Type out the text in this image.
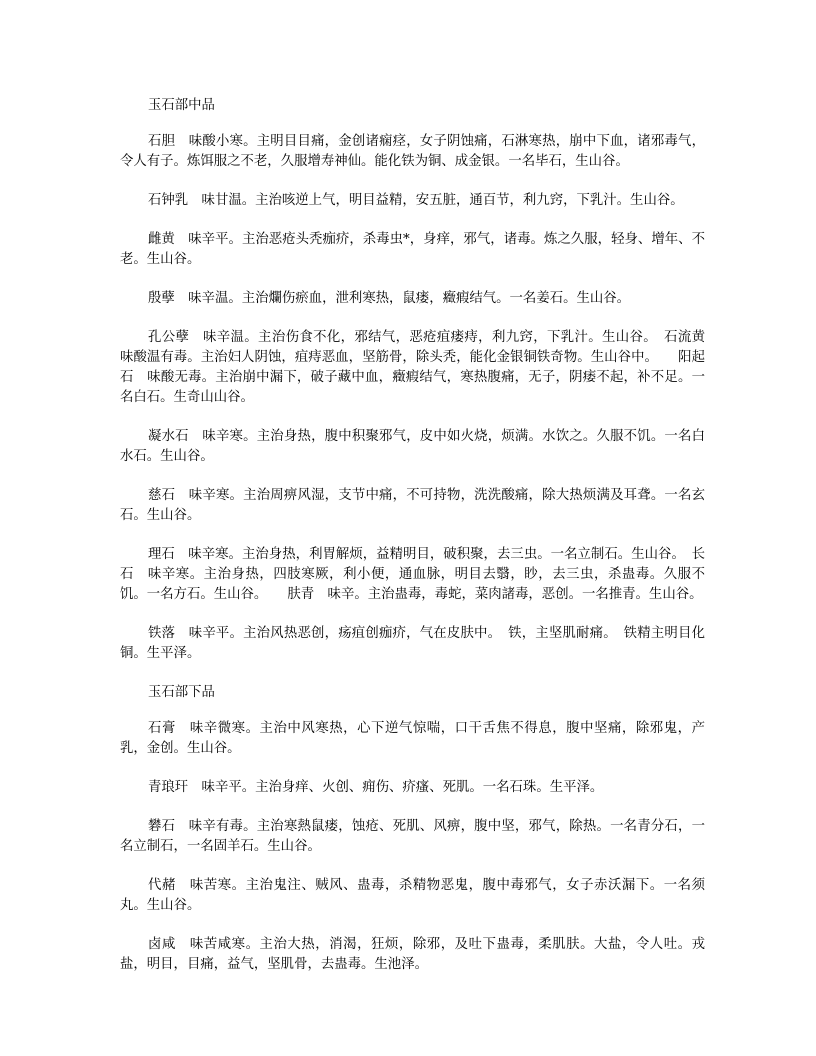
玉石部中品

石胆　味酸小寒。主明目目痛，金创诸痫痉，女子阴蚀痛，石淋寒热，崩中下血，诸邪毒气，令人有子。炼饵服之不老，久服增寿神仙。能化铁为铜、成金银。一名毕石，生山谷。

石钟乳　味甘温。主治咳逆上气，明目益精，安五脏，通百节，利九窍，下乳汁。生山谷。

雌黄　味辛平。主治恶疮头秃痂疥，杀毒虫*，身痒，邪气，诸毒。炼之久服，轻身、增年、不老。生山谷。

殷孽　味辛温。主治爛伤瘀血，泄利寒热，鼠瘘，癥瘕结气。一名姜石。生山谷。

孔公孽　味辛温。主治伤食不化，邪结气，恶疮疽瘘痔，利九窍，下乳汁。生山谷。　石流黄　味酸温有毒。主治妇人阴蚀，疽痔恶血，坚筋骨，除头秃，能化金银铜铁奇物。生山谷中。　　阳起石　味酸无毒。主治崩中漏下，破子藏中血，癥瘕结气，寒热腹痛，无子，阴痿不起，补不足。一名白石。生奇山山谷。

凝水石　味辛寒。主治身热，腹中积聚邪气，皮中如火烧，烦满。水饮之。久服不饥。一名白水石。生山谷。

慈石　味辛寒。主治周痹风湿，支节中痛，不可持物，洗洗酸痛，除大热烦满及耳聋。一名玄石。生山谷。

理石　味辛寒。主治身热，利胃解烦，益精明目，破积聚，去三虫。一名立制石。生山谷。　长石　味辛寒。主治身热，四肢寒厥，利小便，通血脉，明目去翳，眇，去三虫，杀蛊毒。久服不饥。一名方石。生山谷。　　肤青　味辛。主治蛊毒，毒蛇，菜肉諸毒，恶创。一名推青。生山谷。

铁落　味辛平。主治风热恶创，疡疽创痂疥，气在皮肤中。　铁，主坚肌耐痛。　铁精主明目化铜。生平泽。

玉石部下品

石膏　味辛微寒。主治中风寒热，心下逆气惊喘，口干舌焦不得息，腹中坚痛，除邪鬼，产乳，金创。生山谷。

青琅玕　味辛平。主治身痒、火创、痈伤、疥瘙、死肌。一名石珠。生平泽。

礬石　味辛有毒。主治寒熱鼠瘘，蚀疮、死肌、风痹，腹中坚，邪气，除热。一名青分石，一名立制石，一名固羊石。生山谷。

代赭　味苦寒。主治鬼注、贼风、蛊毒，杀精物恶鬼，腹中毒邪气，女子赤沃漏下。一名须丸。生山谷。

卤咸　味苦咸寒。主治大热，消渴，狂烦，除邪，及吐下蛊毒，柔肌肤。大盐，令人吐。戎盐，明目，目痛，益气，坚肌骨，去蛊毒。生池泽。
